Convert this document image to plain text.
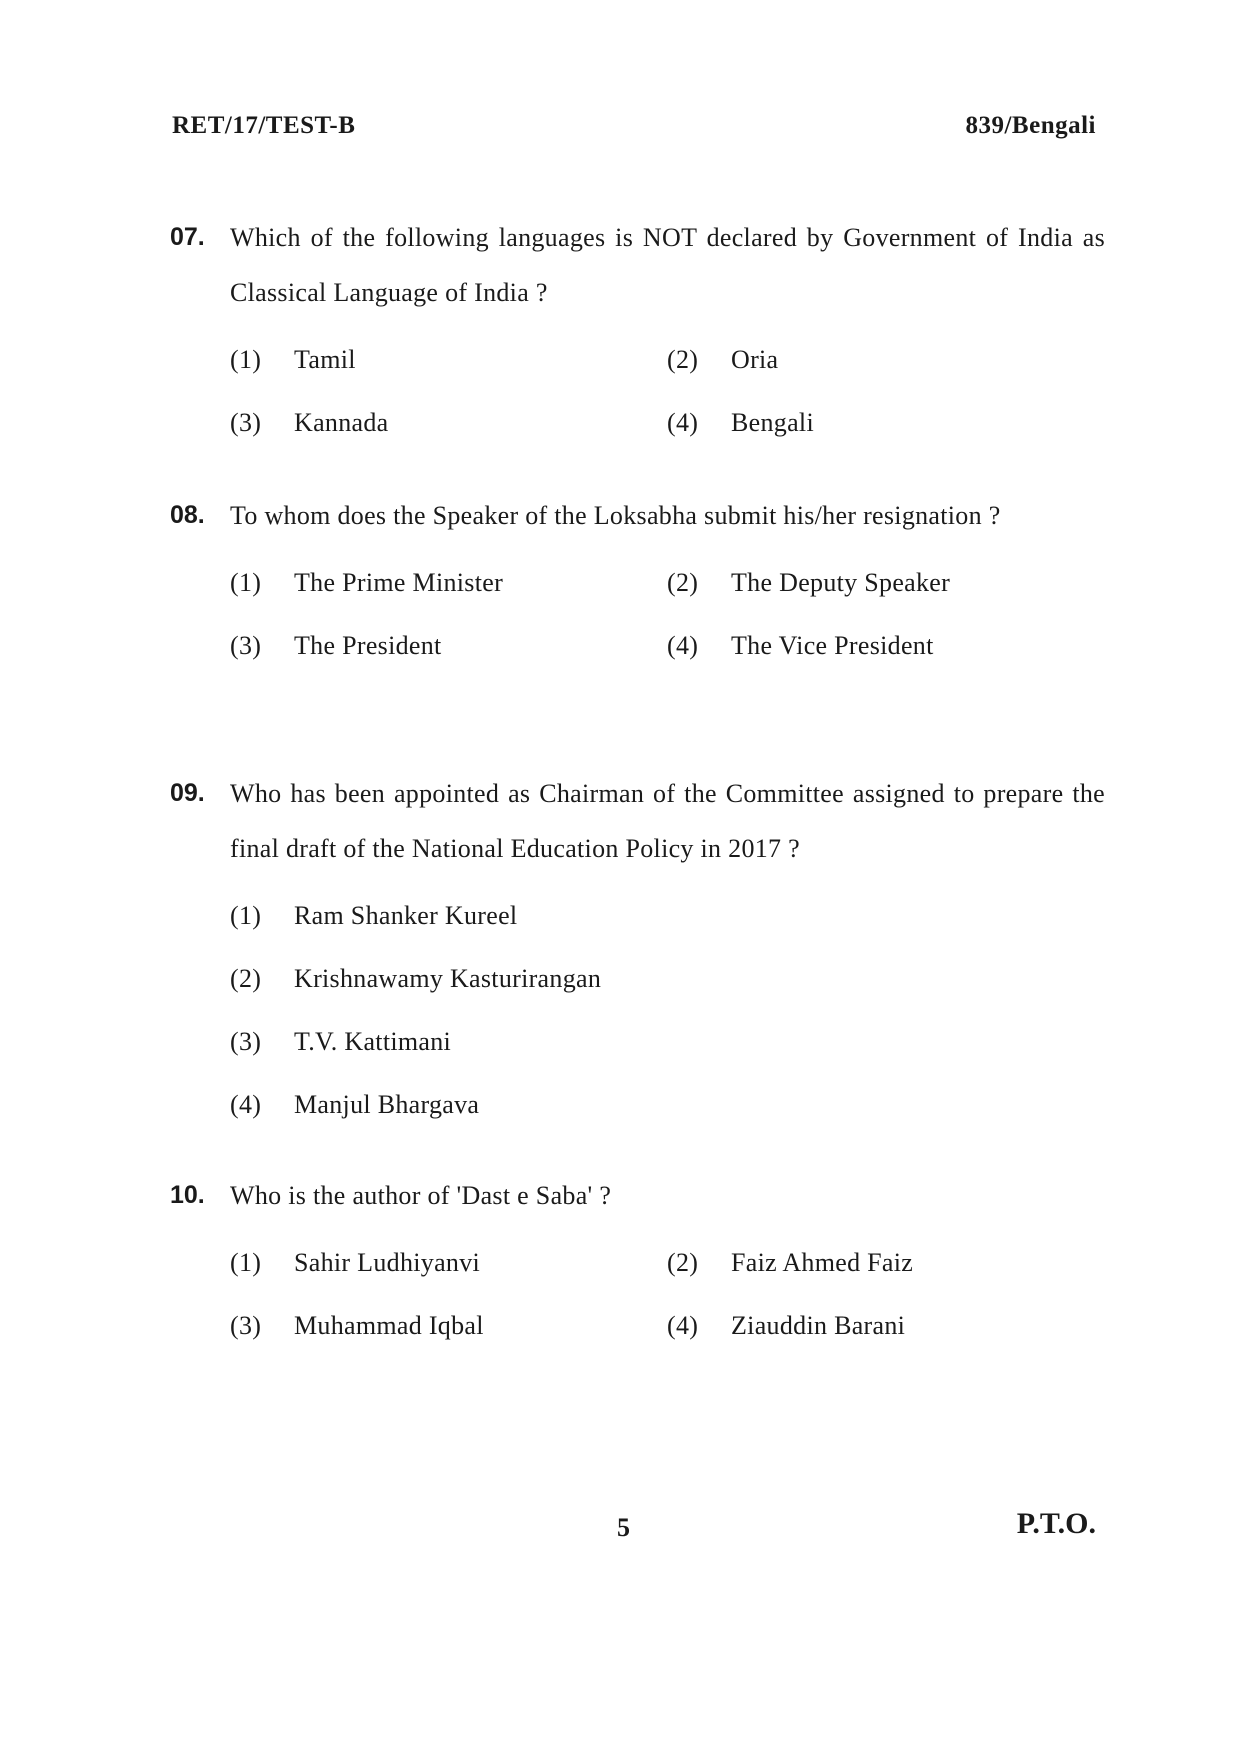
RET/17/TEST-B	839/Bengali
07. Which of the following languages is NOT declared by Government of India as Classical Language of India ?
(1)	Tamil	(2)	Oria
(3)	Kannada	(4)	Bengali
08. To whom does the Speaker of the Loksabha submit his/her resignation ?
(1)	The Prime Minister	(2)	The Deputy Speaker
(3)	The President	(4)	The Vice President
09. Who has been appointed as Chairman of the Committee assigned to prepare the final draft of the National Education Policy in 2017 ?
(1)	Ram Shanker Kureel
(2)	Krishnawamy Kasturirangan
(3)	T.V. Kattimani
(4)	Manjul Bhargava
10. Who is the author of 'Dast e Saba' ?
(1)	Sahir Ludhiyanvi	(2)	Faiz Ahmed Faiz
(3)	Muhammad Iqbal	(4)	Ziauddin Barani
5	P.T.O.
